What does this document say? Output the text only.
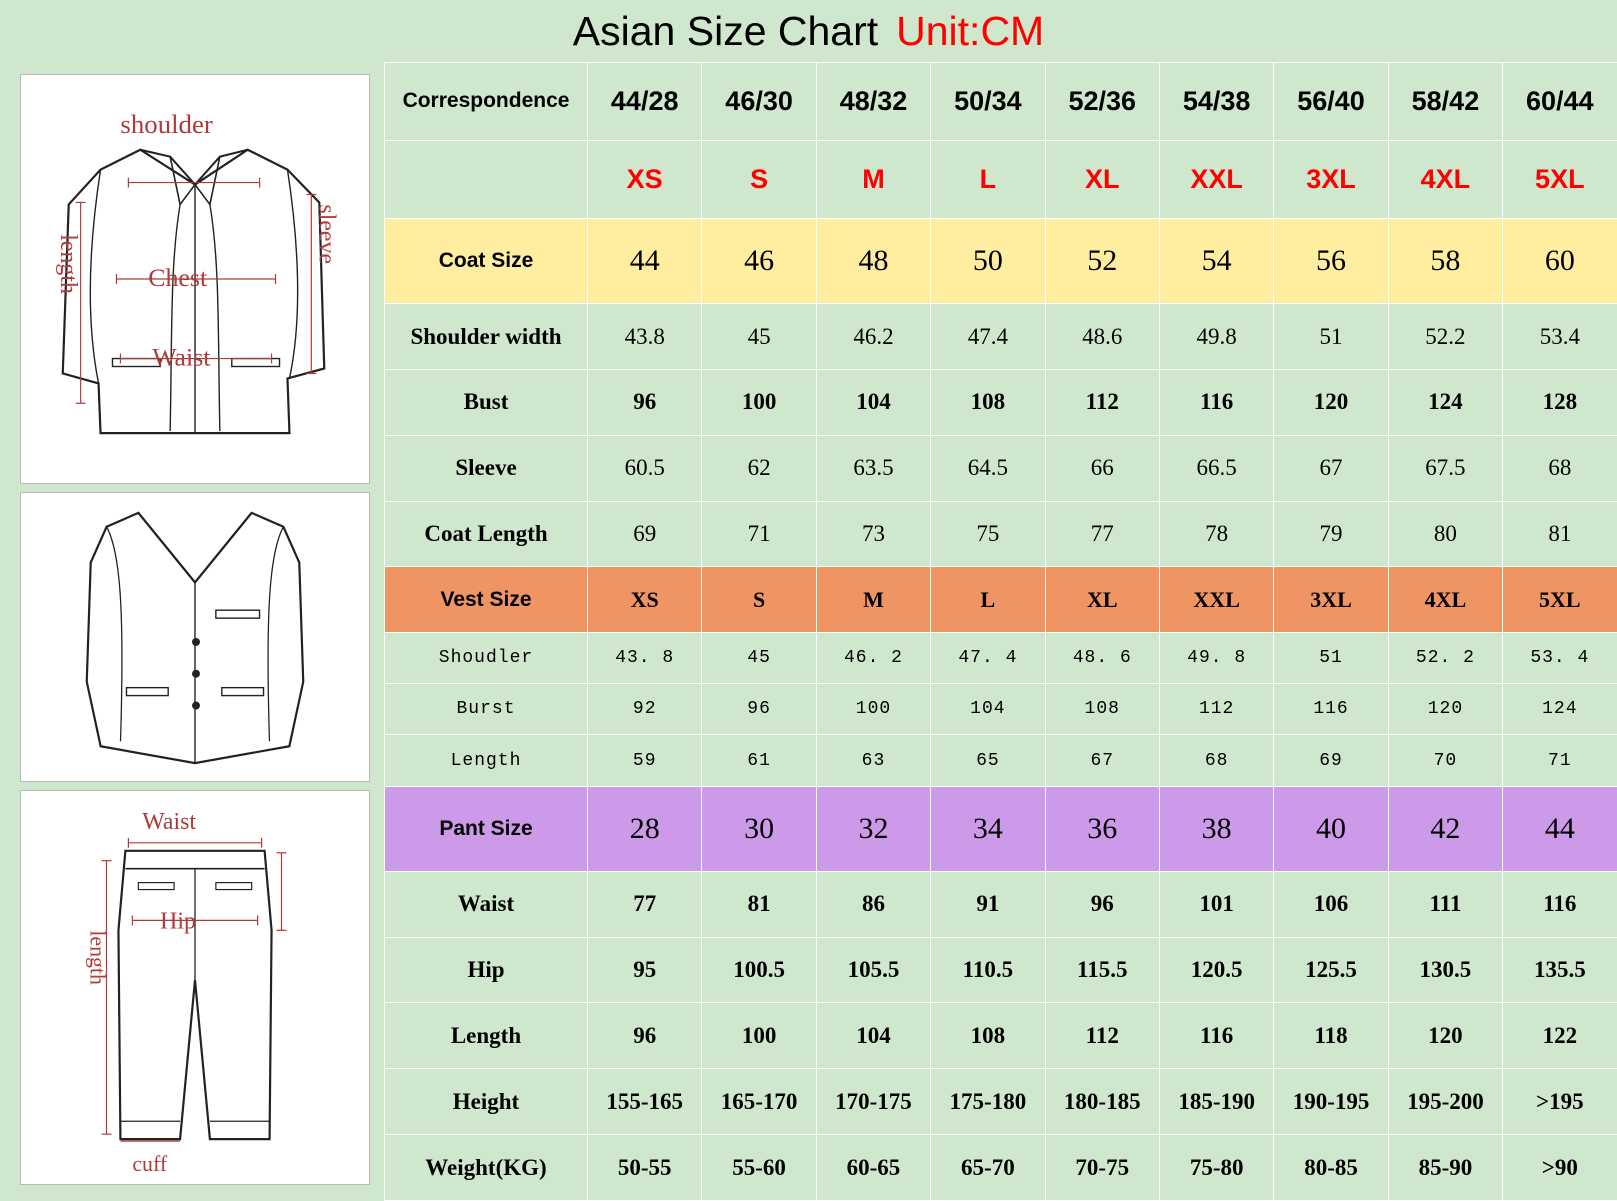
Asian Size Chart Unit:CM
shoulder
length
sleeve
Chest
Waist
Waist
length
Hip
cuff
Correspondence	44/28	46/30	48/32	50/34	52/36	54/38	56/40	58/42	60/44
	XS	S	M	L	XL	XXL	3XL	4XL	5XL
Coat Size	44	46	48	50	52	54	56	58	60
Shoulder width	43.8	45	46.2	47.4	48.6	49.8	51	52.2	53.4
Bust	96	100	104	108	112	116	120	124	128
Sleeve	60.5	62	63.5	64.5	66	66.5	67	67.5	68
Coat Length	69	71	73	75	77	78	79	80	81
Vest Size	XS	S	M	L	XL	XXL	3XL	4XL	5XL
Shoudler	43. 8	45	46. 2	47. 4	48. 6	49. 8	51	52. 2	53. 4
Burst	92	96	100	104	108	112	116	120	124
Length	59	61	63	65	67	68	69	70	71
Pant Size	28	30	32	34	36	38	40	42	44
Waist	77	81	86	91	96	101	106	111	116
Hip	95	100.5	105.5	110.5	115.5	120.5	125.5	130.5	135.5
Length	96	100	104	108	112	116	118	120	122
Height	155-165	165-170	170-175	175-180	180-185	185-190	190-195	195-200	>195
Weight(KG)	50-55	55-60	60-65	65-70	70-75	75-80	80-85	85-90	>90
